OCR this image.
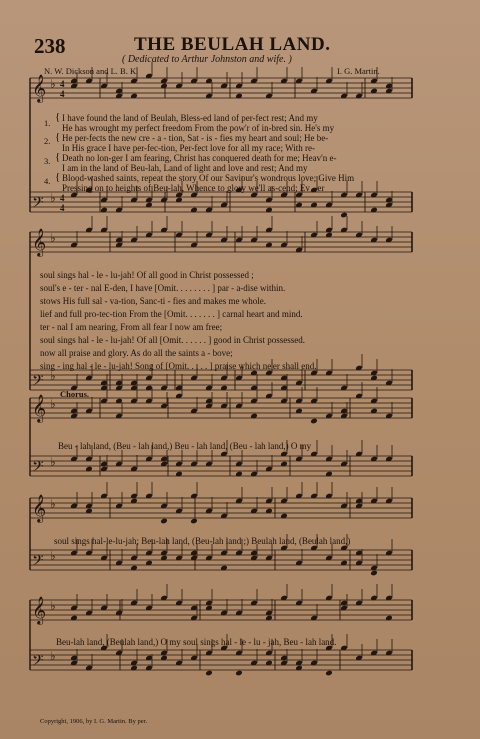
238	THE BEULAH LAND.
( Dedicated to Arthur Johnston and wife. )
N. W. Dickson and L. B. K.	I. G. Martin.
𝄞 ♭ 4
4
𝄢 ♭ 4
4
𝄞 ♭
𝄢 ♭
𝄞 ♭
𝄢 ♭
𝄞 ♭
𝄢 ♭
𝄞 ♭
𝄢 ♭
1.
2.
3.
4.
{
{
{
{
I have found the land of Beulah, Bless-ed land of per-fect rest; And my
He has wrought my perfect freedom From the pow'r of in-bred sin. He's my
He per-fects the new cre - a - tion, Sat - is - fies my heart and soul; He be-
In His grace I have per-fec-tion, Per-fect love for all my race; With re-
Death no lon-ger I am fearing, Christ has conquered death for me; Heav'n e-
I am in the land of Beu-lah, Land of light and love and rest; And my
Blood-washed saints, repeat the story Of our Saviour's wondrous love; Give Him
Pressing on to heights of Beu-lah, Whence to glory we'll as-cend; Ev - er
soul sings hal - le - lu-jah! Of all good in Christ possessed ;
soul's e - ter - nal E-den, I have [Omit. . . . . . . . ] par - a-dise within.
stows His full sal - va-tion, Sanc-ti - fies and makes me whole.
lief and full pro-tec-tion From the [Omit. . . . . . . ] carnal heart and mind.
ter - nal I am nearing, From all fear I now am free;
soul sings hal - le - lu-jah! Of all [Omit. . . . . . ] good in Christ possessed.
now all praise and glory. As do all the saints a - bove;
sing - ing hal - le - lu-jah! Song of [Omit. . . . . ] praise which ne'er shall end.
Chorus.
Beu - lah land, (Beu - lah land,) Beu - lah land, (Beu - lah land,) O my
soul sings hal-le-lu-jah; Beu-lah land, (Beu-lah land ;) Beulah land, (Beulah land,)
Beu-lah land, (Beulah land,) O my soul sings hal - le - lu - jah, Beu - lah land.
Copyright, 1906, by I. G. Martin. By per.
